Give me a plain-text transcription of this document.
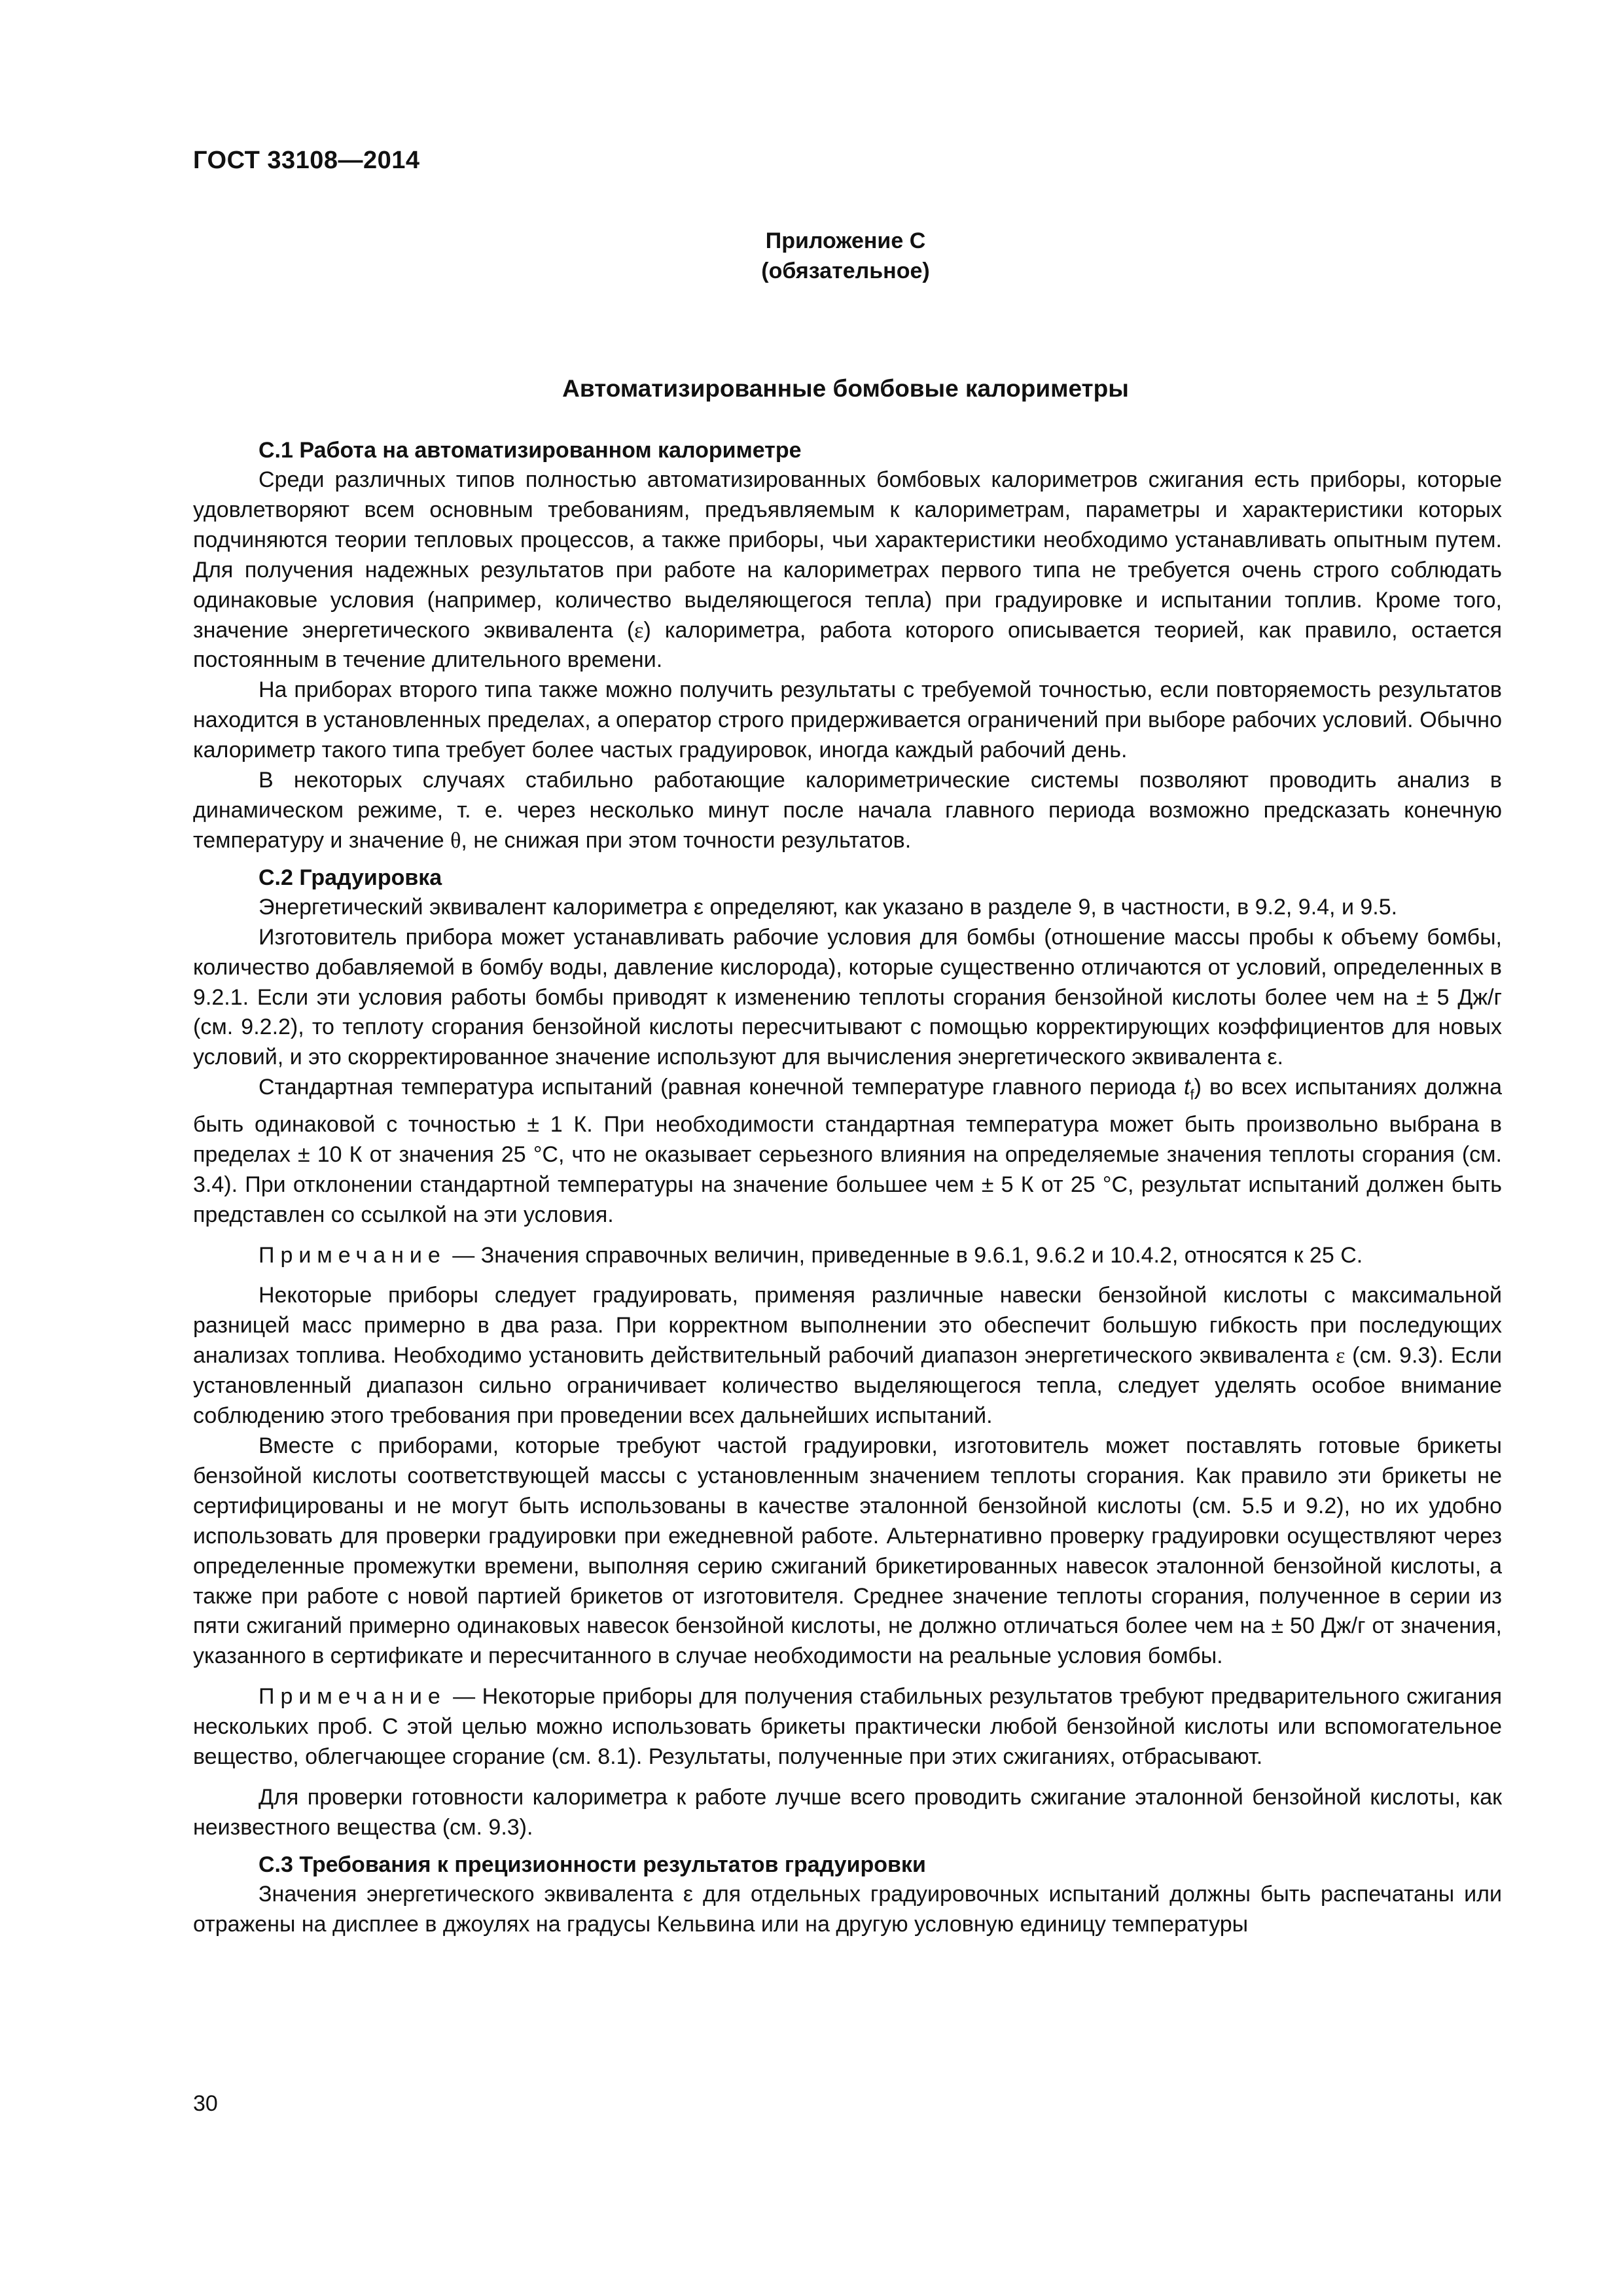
ГОСТ 33108—2014
Приложение С
(обязательное)
Автоматизированные бомбовые калориметры
С.1 Работа на автоматизированном калориметре

Среди различных типов полностью автоматизированных бомбовых калориметров сжигания есть приборы, которые удовлетворяют всем основным требованиям, предъявляемым к калориметрам, параметры и характеристики которых подчиняются теории тепловых процессов, а также приборы, чьи характеристики необходимо устанавливать опытным путем. Для получения надежных результатов при работе на калориметрах первого типа не требуется очень строго соблюдать одинаковые условия (например, количество выделяющегося тепла) при градуировке и испытании топлив. Кроме того, значение энергетического эквивалента (ε) калориметра, работа которого описывается теорией, как правило, остается постоянным в течение длительного времени.

На приборах второго типа также можно получить результаты с требуемой точностью, если повторяемость результатов находится в установленных пределах, а оператор строго придерживается ограничений при выборе рабочих условий. Обычно калориметр такого типа требует более частых градуировок, иногда каждый рабочий день.

В некоторых случаях стабильно работающие калориметрические системы позволяют проводить анализ в динамическом режиме, т. е. через несколько минут после начала главного периода возможно предсказать конечную температуру и значение θ, не снижая при этом точности результатов.

С.2 Градуировка

Энергетический эквивалент калориметра ε определяют, как указано в разделе 9, в частности, в 9.2, 9.4, и 9.5.

Изготовитель прибора может устанавливать рабочие условия для бомбы (отношение массы пробы к объему бомбы, количество добавляемой в бомбу воды, давление кислорода), которые существенно отличаются от условий, определенных в 9.2.1. Если эти условия работы бомбы приводят к изменению теплоты сгорания бензойной кислоты более чем на ± 5 Дж/г (см. 9.2.2), то теплоту сгорания бензойной кислоты пересчитывают с помощью корректирующих коэффициентов для новых условий, и это скорректированное значение используют для вычисления энергетического эквивалента ε.

Стандартная температура испытаний (равная конечной температуре главного периода $t_f$) во всех испытаниях должна быть одинаковой с точностью ± 1 К. При необходимости стандартная температура может быть произвольно выбрана в пределах ± 10 К от значения 25 °С, что не оказывает серьезного влияния на определяемые значения теплоты сгорания (см. 3.4). При отклонении стандартной температуры на значение большее чем ± 5 К от 25 °С, результат испытаний должен быть представлен со ссылкой на эти условия.

Примечание — Значения справочных величин, приведенные в 9.6.1, 9.6.2 и 10.4.2, относятся к 25 С.

Некоторые приборы следует градуировать, применяя различные навески бензойной кислоты с максимальной разницей масс примерно в два раза. При корректном выполнении это обеспечит большую гибкость при последующих анализах топлива. Необходимо установить действительный рабочий диапазон энергетического эквивалента ε (см. 9.3). Если установленный диапазон сильно ограничивает количество выделяющегося тепла, следует уделять особое внимание соблюдению этого требования при проведении всех дальнейших испытаний.

Вместе с приборами, которые требуют частой градуировки, изготовитель может поставлять готовые брикеты бензойной кислоты соответствующей массы с установленным значением теплоты сгорания. Как правило эти брикеты не сертифицированы и не могут быть использованы в качестве эталонной бензойной кислоты (см. 5.5 и 9.2), но их удобно использовать для проверки градуировки при ежедневной работе. Альтернативно проверку градуировки осуществляют через определенные промежутки времени, выполняя серию сжиганий брикетированных навесок эталонной бензойной кислоты, а также при работе с новой партией брикетов от изготовителя. Среднее значение теплоты сгорания, полученное в серии из пяти сжиганий примерно одинаковых навесок бензойной кислоты, не должно отличаться более чем на ± 50 Дж/г от значения, указанного в сертификате и пересчитанного в случае необходимости на реальные условия бомбы.

Примечание — Некоторые приборы для получения стабильных результатов требуют предварительного сжигания нескольких проб. С этой целью можно использовать брикеты практически любой бензойной кислоты или вспомогательное вещество, облегчающее сгорание (см. 8.1). Результаты, полученные при этих сжиганиях, отбрасывают.

Для проверки готовности калориметра к работе лучше всего проводить сжигание эталонной бензойной кислоты, как неизвестного вещества (см. 9.3).

С.3 Требования к прецизионности результатов градуировки

Значения энергетического эквивалента ε для отдельных градуировочных испытаний должны быть распечатаны или отражены на дисплее в джоулях на градусы Кельвина или на другую условную единицу температуры

30
